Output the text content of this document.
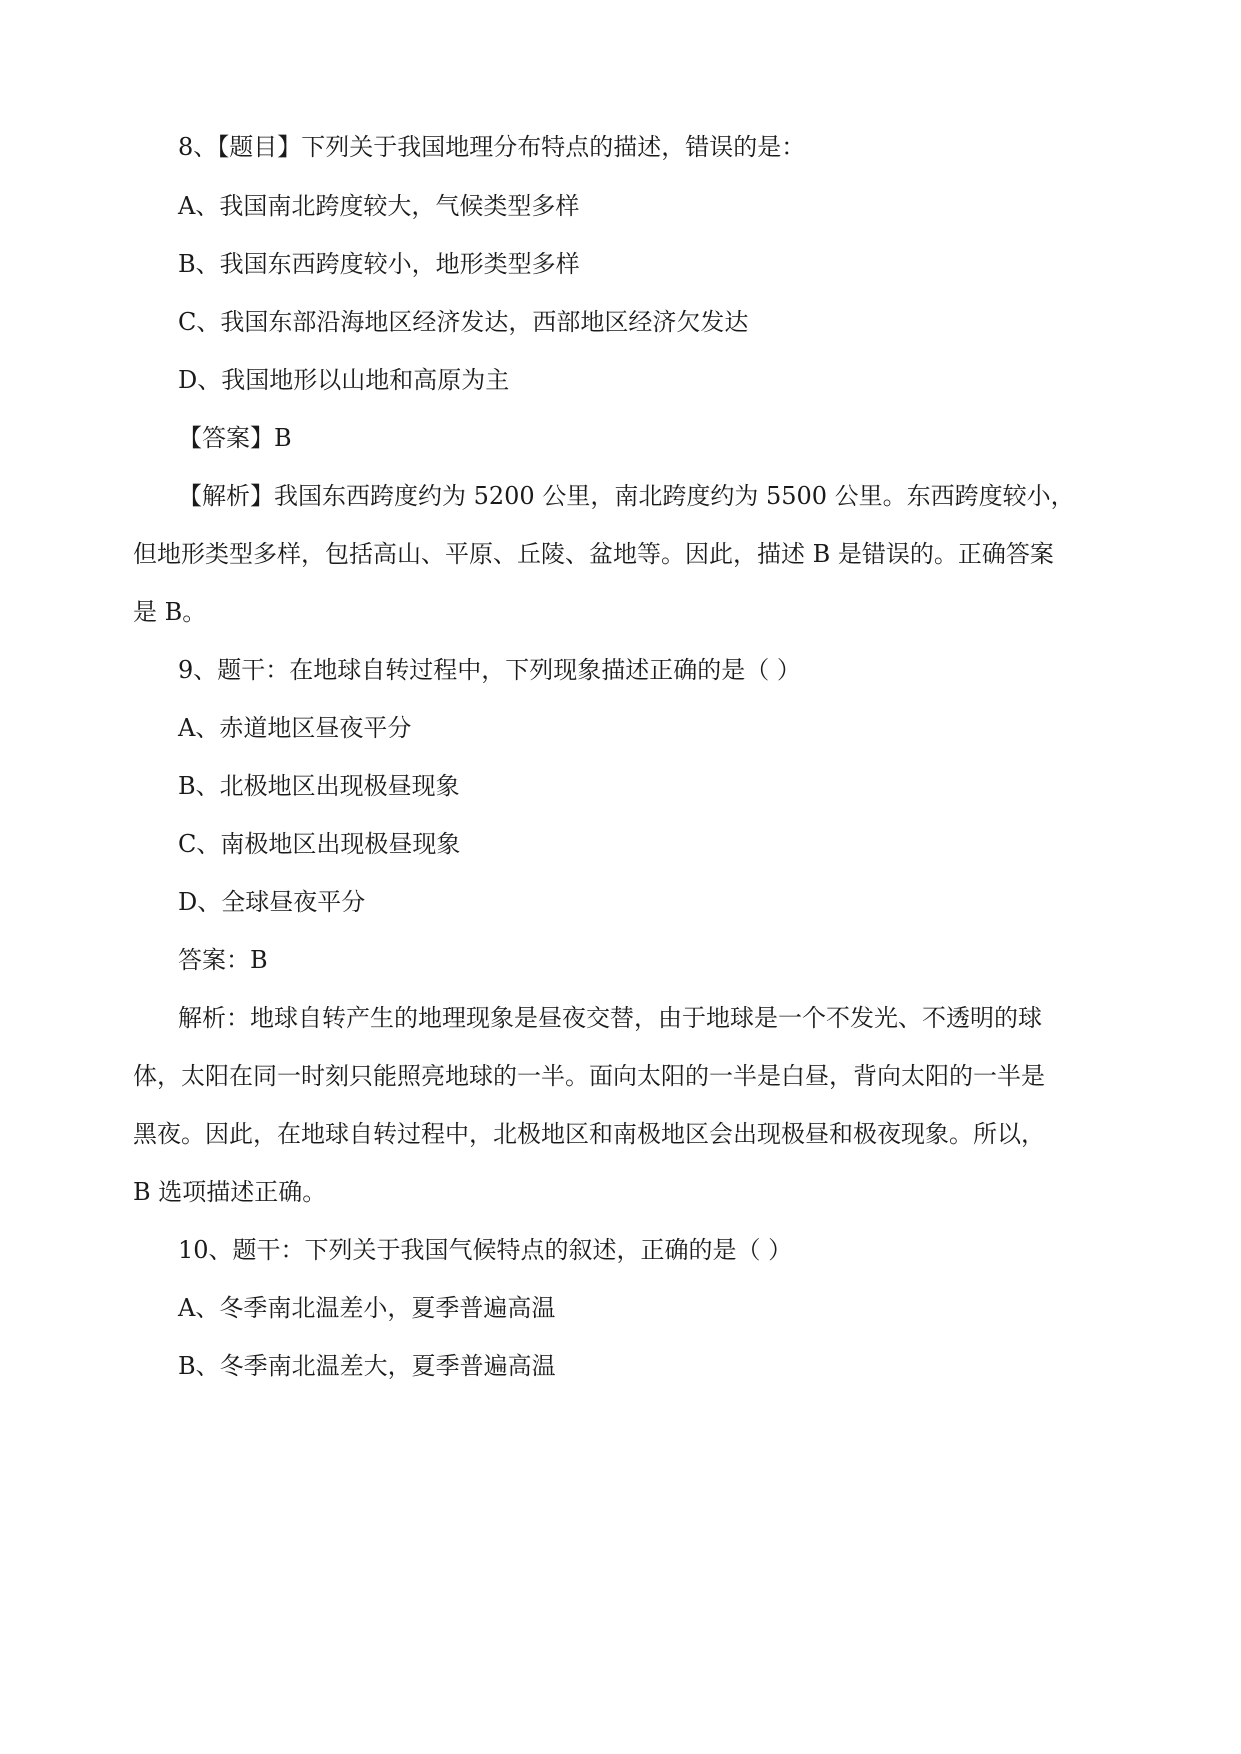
8、【题目】下列关于我国地理分布特点的描述，错误的是：

A、我国南北跨度较大，气候类型多样

B、我国东西跨度较小，地形类型多样

C、我国东部沿海地区经济发达，西部地区经济欠发达

D、我国地形以山地和高原为主

【答案】B

【解析】我国东西跨度约为 5200 公里，南北跨度约为 5500 公里。东西跨度较小，

但地形类型多样，包括高山、平原、丘陵、盆地等。因此，描述 B 是错误的。正确答案

是 B。

9、题干：在地球自转过程中，下列现象描述正确的是（ ）

A、赤道地区昼夜平分

B、北极地区出现极昼现象

C、南极地区出现极昼现象

D、全球昼夜平分

答案：B

解析：地球自转产生的地理现象是昼夜交替，由于地球是一个不发光、不透明的球

体，太阳在同一时刻只能照亮地球的一半。面向太阳的一半是白昼，背向太阳的一半是

黑夜。因此，在地球自转过程中，北极地区和南极地区会出现极昼和极夜现象。所以，

B 选项描述正确。

10、题干：下列关于我国气候特点的叙述，正确的是（ ）

A、冬季南北温差小，夏季普遍高温

B、冬季南北温差大，夏季普遍高温
